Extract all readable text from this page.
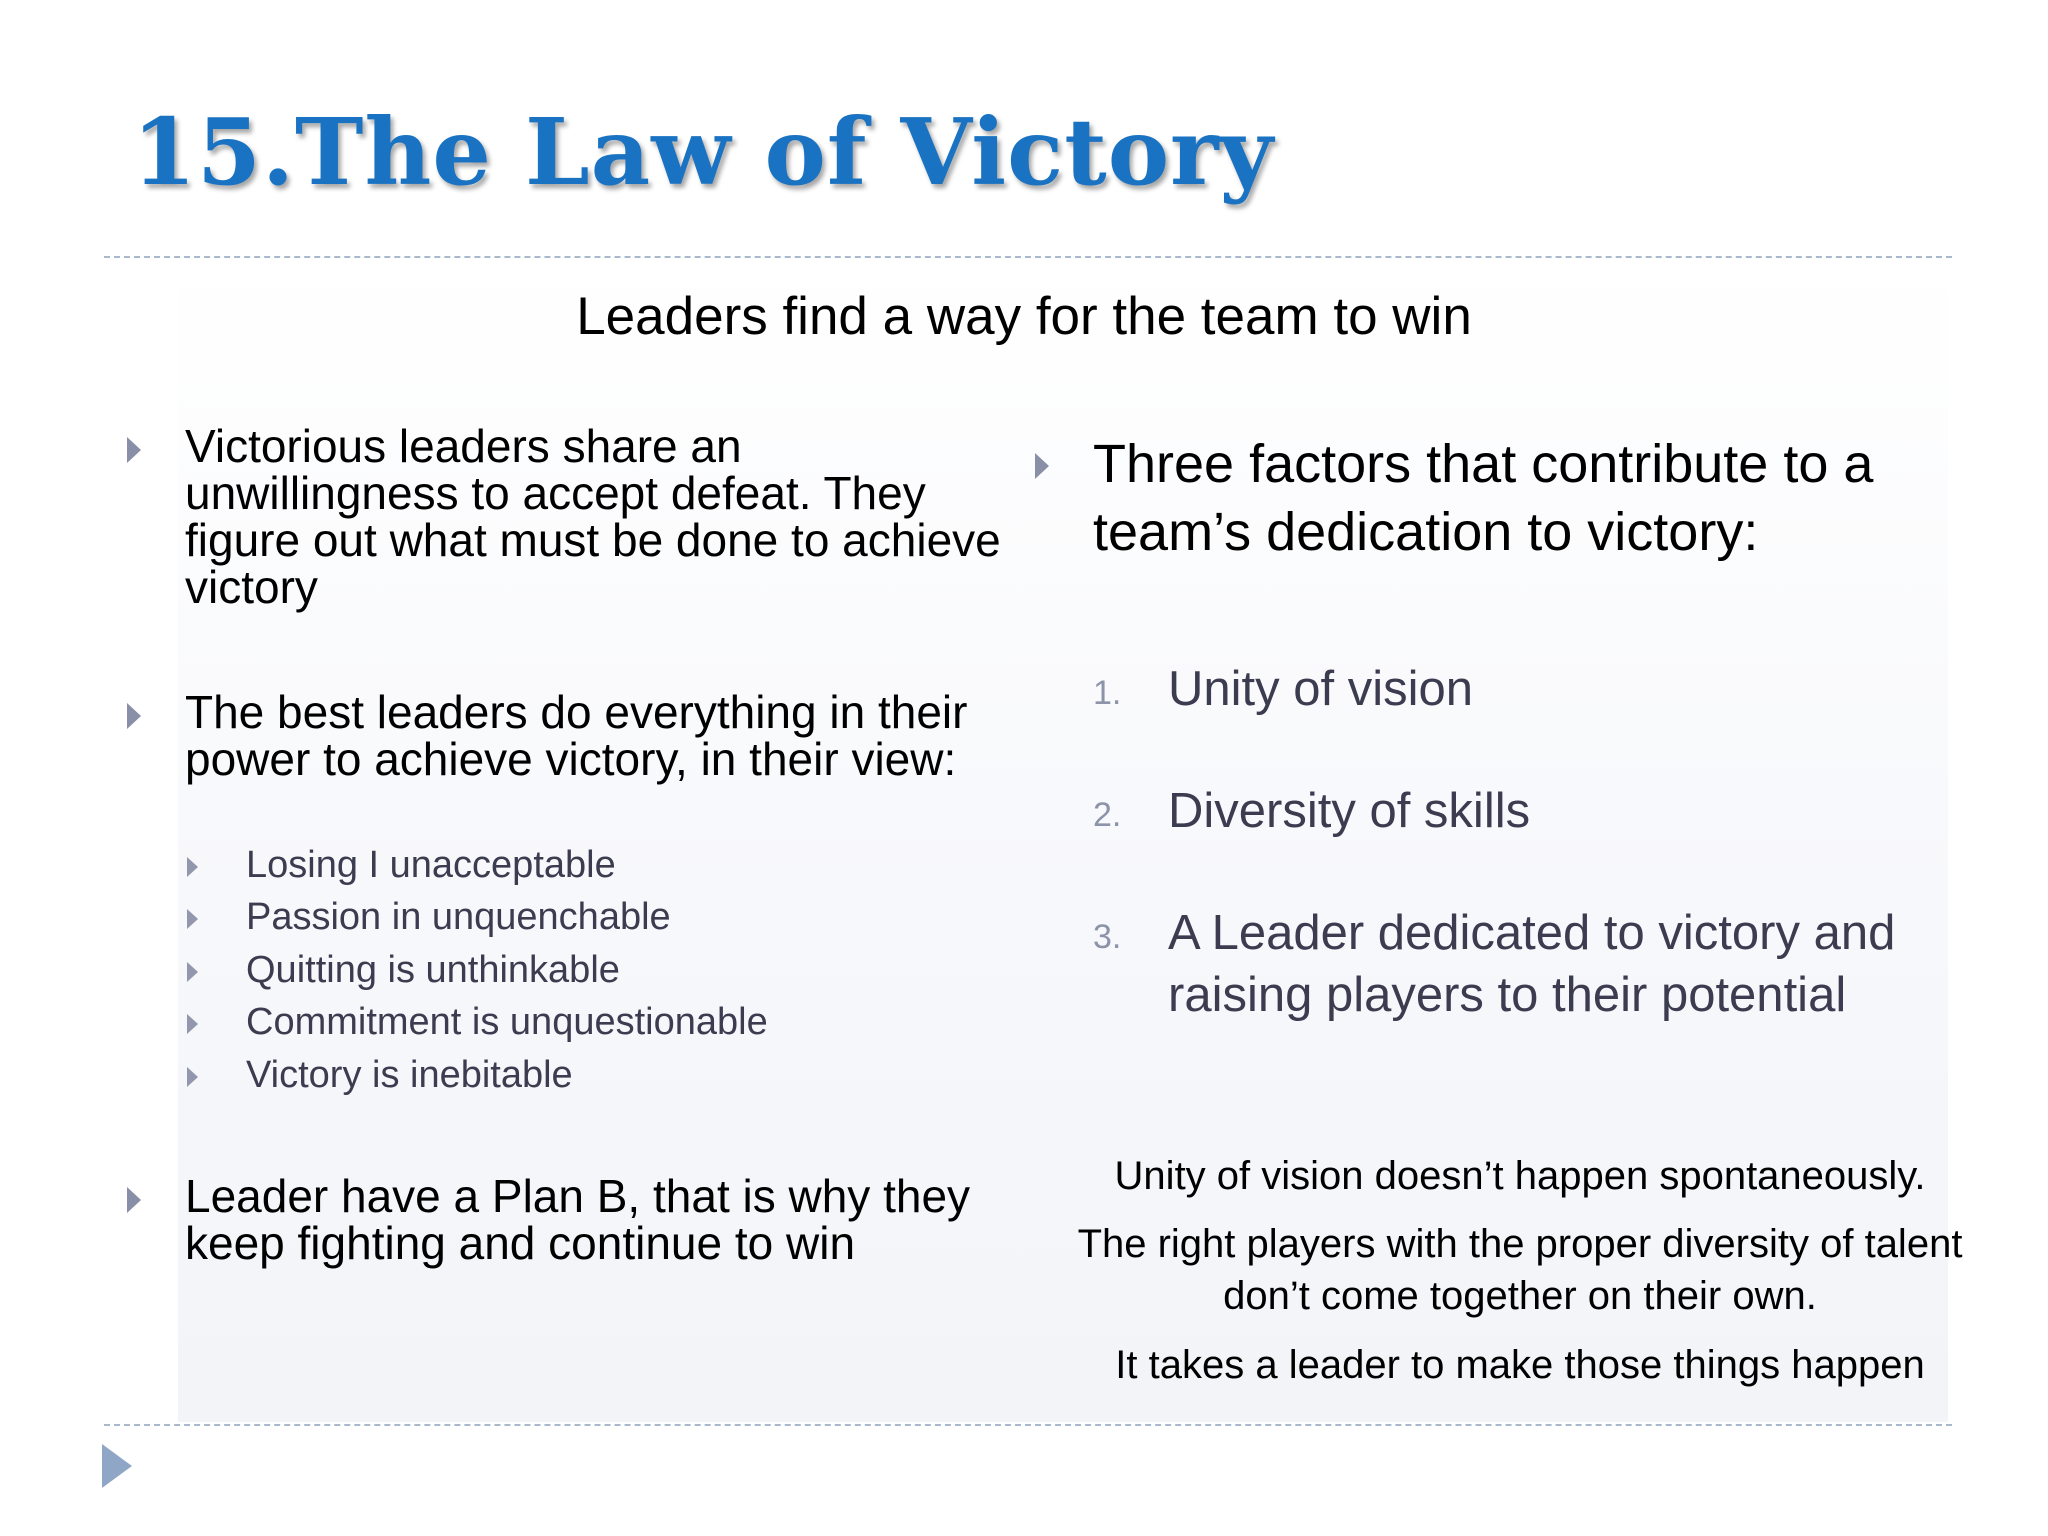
15.The Law of Victory
Leaders find a way for the team to win
Victorious leaders share an unwillingness to accept defeat. They figure out what must be done to achieve victory
The best leaders do everything in their power to achieve victory, in their view:
Losing I unacceptable
Passion in unquenchable
Quitting is unthinkable
Commitment is unquestionable
Victory is inebitable
Leader have a Plan B, that is why they keep fighting and continue to win
Three factors that contribute to a team’s dedication to victory:
1. Unity of vision
2. Diversity of skills
3. A Leader dedicated to victory and raising players to their potential
Unity of vision doesn’t happen spontaneously.
The right players with the proper diversity of talent don’t come together on their own.
It takes a leader to make those things happen
